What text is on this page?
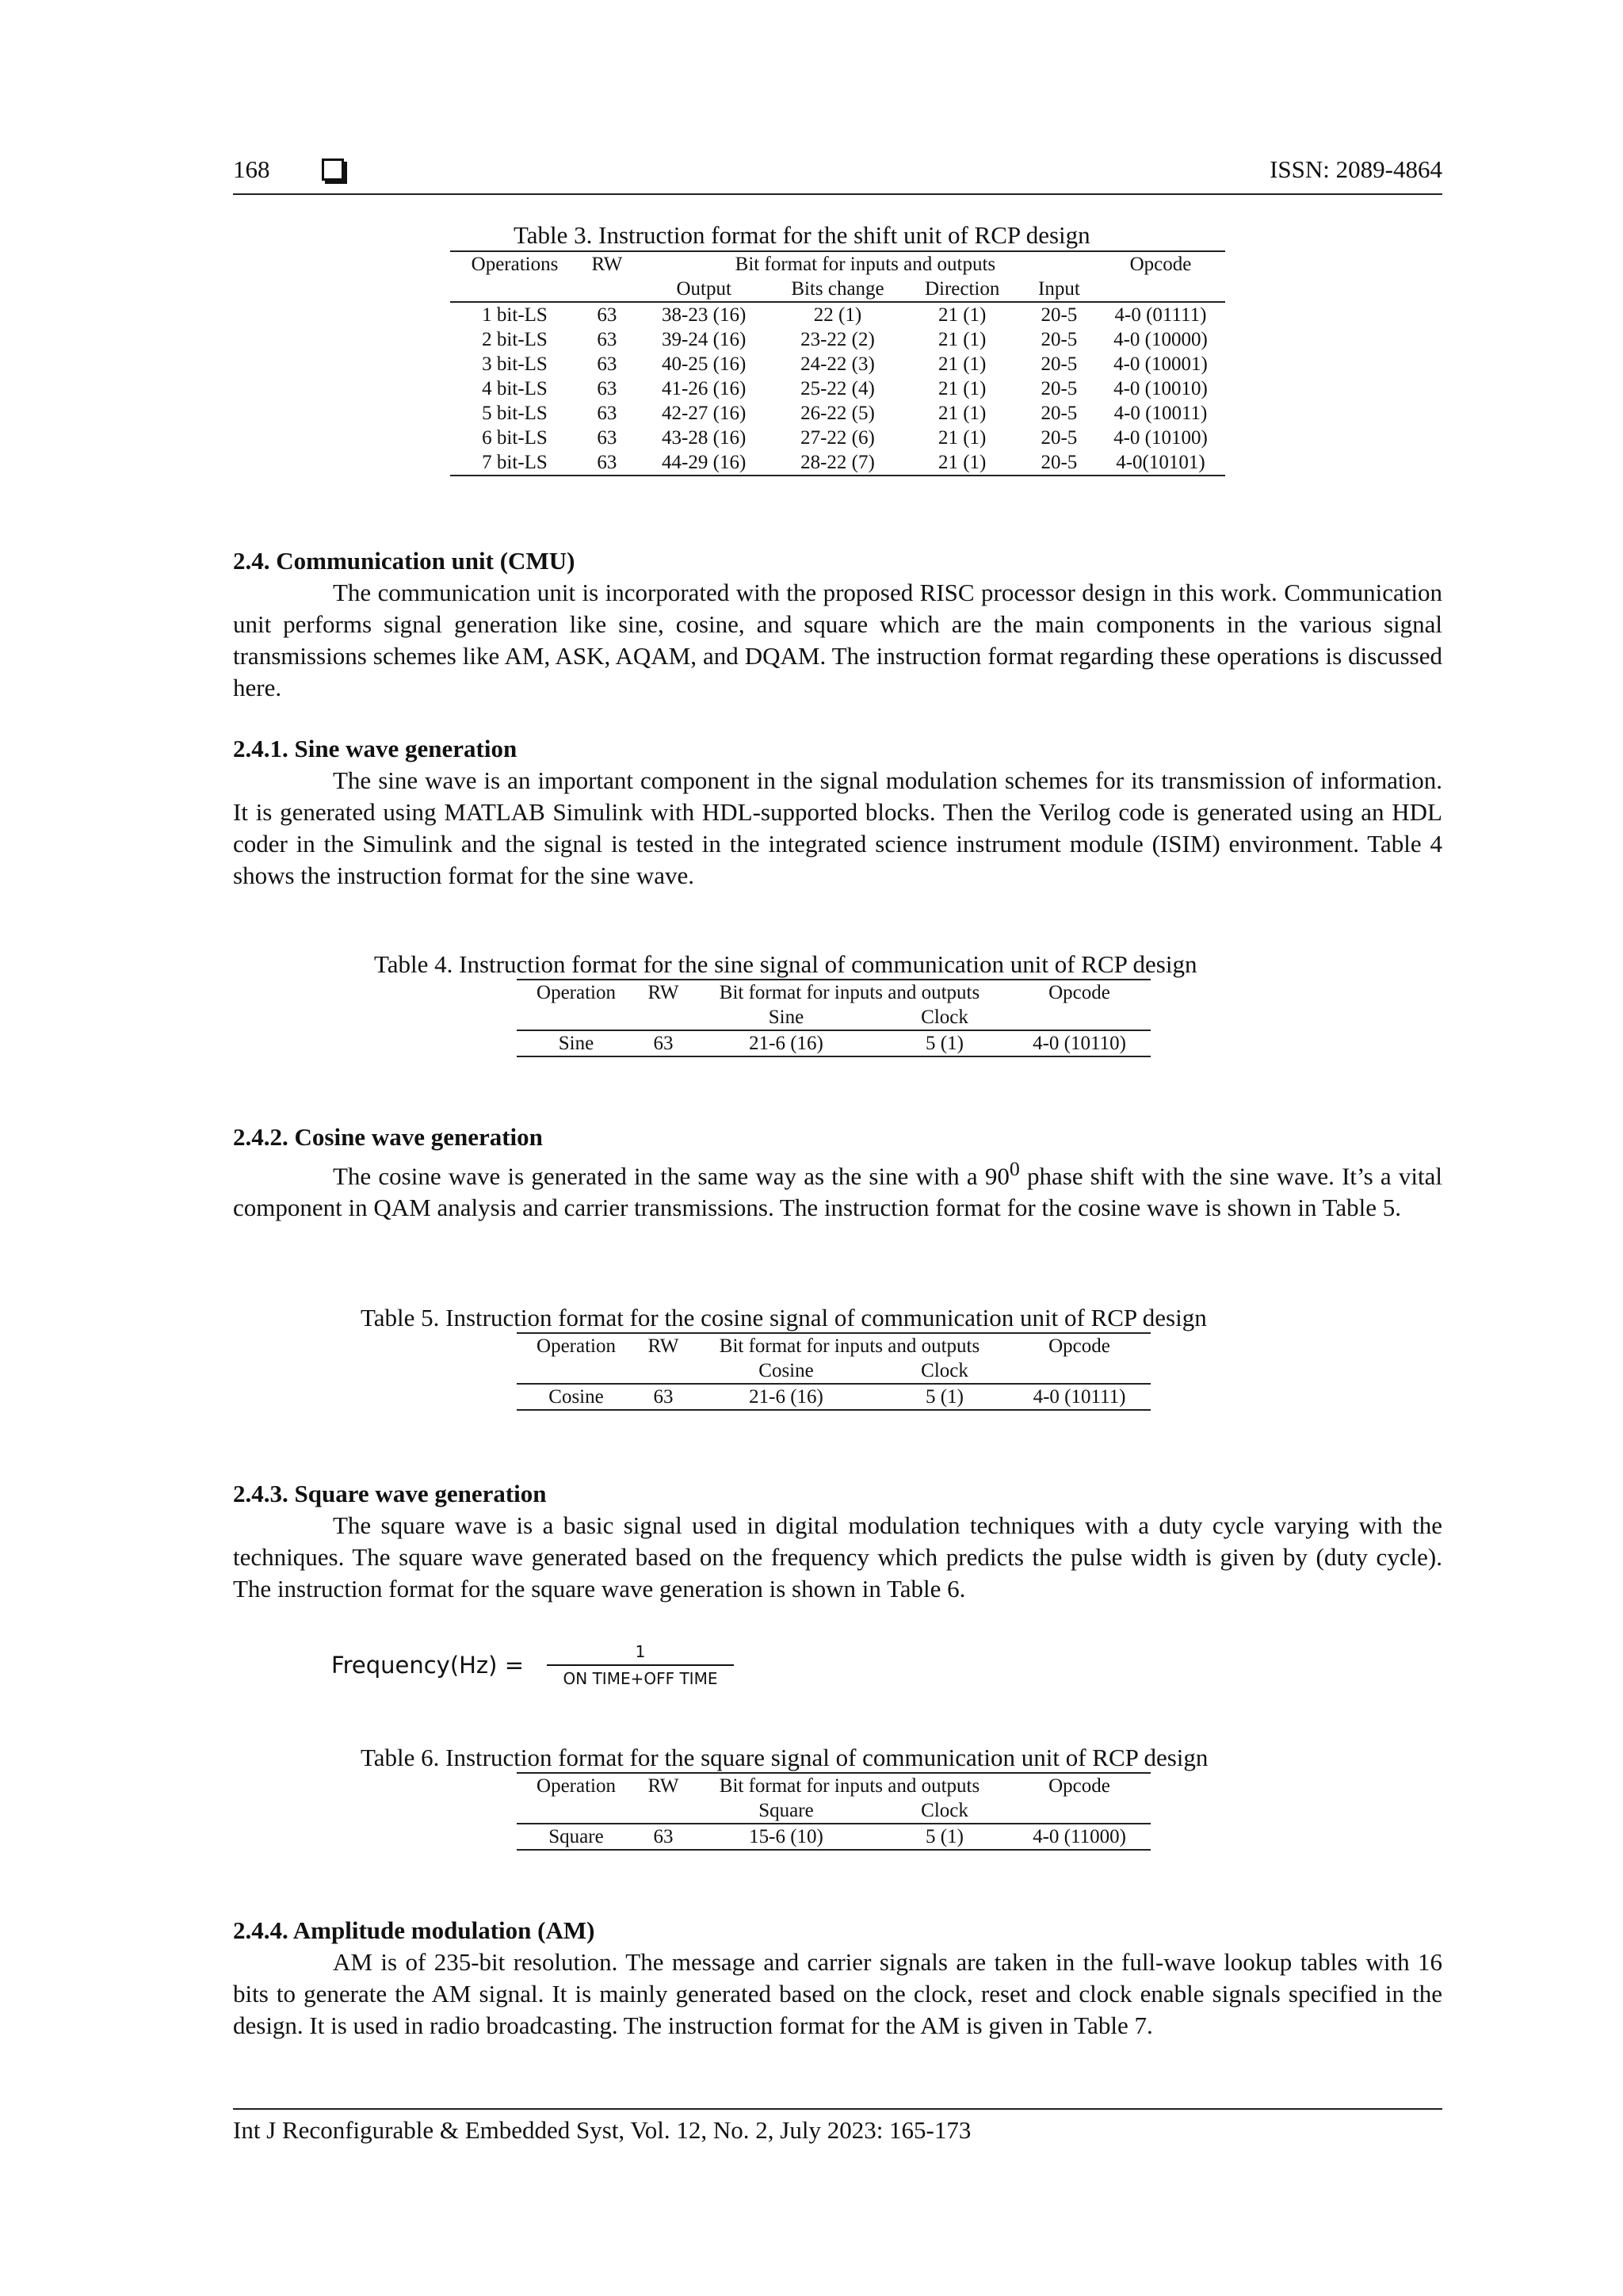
168	ISSN: 2089-4864
Table 3. Instruction format for the shift unit of RCP design
Operations	RW	Bit format for inputs and outputs				Opcode
		Output	Bits change	Direction	Input	
1 bit-LS	63	38-23 (16)	22 (1)	21 (1)	20-5	4-0 (01111)
2 bit-LS	63	39-24 (16)	23-22 (2)	21 (1)	20-5	4-0 (10000)
3 bit-LS	63	40-25 (16)	24-22 (3)	21 (1)	20-5	4-0 (10001)
4 bit-LS	63	41-26 (16)	25-22 (4)	21 (1)	20-5	4-0 (10010)
5 bit-LS	63	42-27 (16)	26-22 (5)	21 (1)	20-5	4-0 (10011)
6 bit-LS	63	43-28 (16)	27-22 (6)	21 (1)	20-5	4-0 (10100)
7 bit-LS	63	44-29 (16)	28-22 (7)	21 (1)	20-5	4-0(10101)
2.4. Communication unit (CMU)

The communication unit is incorporated with the proposed RISC processor design in this work. Communication unit performs signal generation like sine, cosine, and square which are the main components in the various signal transmissions schemes like AM, ASK, AQAM, and DQAM. The instruction format regarding these operations is discussed here.

2.4.1. Sine wave generation

The sine wave is an important component in the signal modulation schemes for its transmission of information. It is generated using MATLAB Simulink with HDL-supported blocks. Then the Verilog code is generated using an HDL coder in the Simulink and the signal is tested in the integrated science instrument module (ISIM) environment. Table 4 shows the instruction format for the sine wave.

Table 4. Instruction format for the sine signal of communication unit of RCP design
Operation	RW	Bit format for inputs and outputs		Opcode
		Sine	Clock	
Sine	63	21-6 (16)	5 (1)	4-0 (10110)
2.4.2. Cosine wave generation

The cosine wave is generated in the same way as the sine with a $90^0$ phase shift with the sine wave. It’s a vital component in QAM analysis and carrier transmissions. The instruction format for the cosine wave is shown in Table 5.

Table 5. Instruction format for the cosine signal of communication unit of RCP design
Operation	RW	Bit format for inputs and outputs		Opcode
		Cosine	Clock	
Cosine	63	21-6 (16)	5 (1)	4-0 (10111)
2.4.3. Square wave generation

The square wave is a basic signal used in digital modulation techniques with a duty cycle varying with the techniques. The square wave generated based on the frequency which predicts the pulse width is given by (duty cycle). The instruction format for the square wave generation is shown in Table 6.

Frequency(Hz) =	1
ON TIME+OFF TIME
Table 6. Instruction format for the square signal of communication unit of RCP design
Operation	RW	Bit format for inputs and outputs		Opcode
		Square	Clock	
Square	63	15-6 (10)	5 (1)	4-0 (11000)
2.4.4. Amplitude modulation (AM)

AM is of 235-bit resolution. The message and carrier signals are taken in the full-wave lookup tables with 16 bits to generate the AM signal. It is mainly generated based on the clock, reset and clock enable signals specified in the design. It is used in radio broadcasting. The instruction format for the AM is given in Table 7.

Int J Reconfigurable & Embedded Syst, Vol. 12, No. 2, July 2023: 165-173
